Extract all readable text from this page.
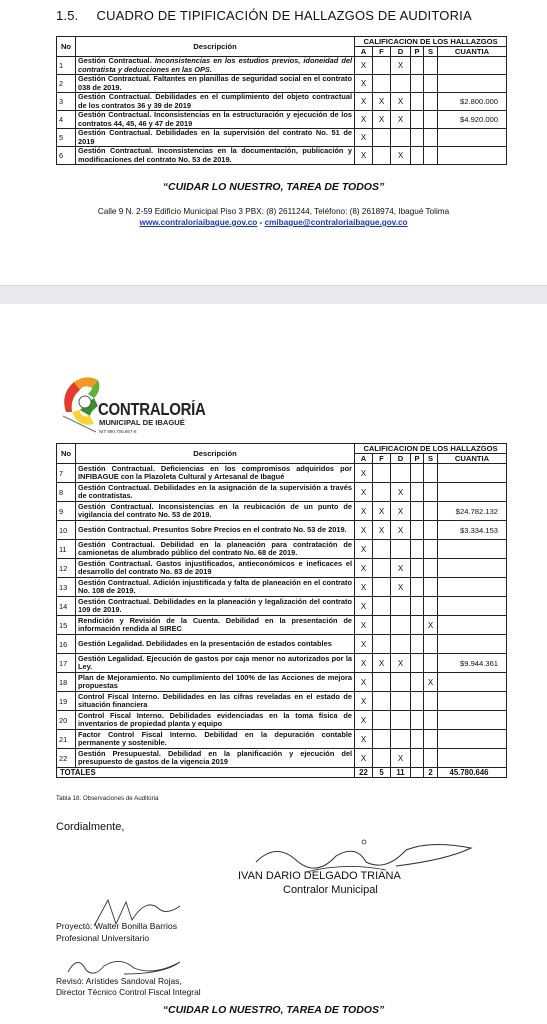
1.5. CUADRO DE TIPIFICACIÓN DE HALLAZGOS DE AUDITORIA
No	Descripción	CALIFICACION DE LOS HALLAZGOS					
		A	F	D	P	S	CUANTIA
1	Gestión Contractual. Inconsistencias en los estudios previos, idoneidad del contratista y deducciones en las OPS.	X		X			
2	Gestión Contractual. Faltantes en planillas de seguridad social en el contrato 038 de 2019.	X					
3	Gestión Contractual. Debilidades en el cumplimiento del objeto contractual de los contratos 36 y 39 de 2019	X	X	X			$2.800.000
4	Gestión Contractual. Inconsistencias en la estructuración y ejecución de los contratos 44, 45, 46 y 47 de 2019	X	X	X			$4.920.000
5	Gestión Contractual. Debilidades en la supervisión del contrato No. 51 de 2019	X					
6	Gestión Contractual. Inconsistencias en la documentación, publicación y modificaciones del contrato No. 53 de 2019.	X		X			
“CUIDAR LO NUESTRO, TAREA DE TODOS”
Calle 9 N. 2-59 Edificio Municipal Piso 3 PBX: (8) 2611244, Teléfono: (8) 2618974, Ibagué Tolima
www.contraloriaibague.gov.co - cmibague@contraloriaibague.gov.co
CONTRALORÍA
MUNICIPAL DE IBAGUÉ
NIT 890.706.867-8
No	Descripción	CALIFICACION DE LOS HALLAZGOS					
		A	F	D	P	S	CUANTIA
7	Gestión Contractual. Deficiencias en los compromisos adquiridos por INFIBAGUE con la Plazoleta Cultural y Artesanal de Ibagué	X					
8	Gestión Contractual. Debilidades en la asignación de la supervisión a través de contratistas.	X		X			
9	Gestión Contractual. Inconsistencias en la reubicación de un punto de vigilancia del contrato No. 53 de 2019.	X	X	X			$24.782.132
10	Gestión Contractual. Presuntos Sobre Precios en el contrato No. 53 de 2019.	X	X	X			$3.334.153
11	Gestión Contractual. Debilidad en la planeación para contratación de camionetas de alumbrado público del contrato No. 68 de 2019.	X					
12	Gestión Contractual. Gastos injustificados, antieconómicos e ineficaces el desarrollo del contrato No. 83 de 2019	X		X			
13	Gestión Contractual. Adición injustificada y falta de planeación en el contrato No. 108 de 2019.	X		X			
14	Gestión Contractual. Debilidades en la planeación y legalización del contrato 109 de 2019.	X					
15	Rendición y Revisión de la Cuenta. Debilidad en la presentación de información rendida al SIREC	X				X	
16	Gestión Legalidad. Debilidades en la presentación de estados contables	X					
17	Gestión Legalidad. Ejecución de gastos por caja menor no autorizados por la Ley.	X	X	X			$9.944.361
18	Plan de Mejoramiento. No cumplimiento del 100% de las Acciones de mejora propuestas	X				X	
19	Control Fiscal Interno. Debilidades en las cifras reveladas en el estado de situación financiera	X					
20	Control Fiscal Interno. Debilidades evidenciadas en la toma física de inventarios de propiedad planta y equipo	X					
21	Factor Control Fiscal Interno. Debilidad en la depuración contable permanente y sostenible.	X					
22	Gestión Presupuestal. Debilidad en la planificación y ejecución del presupuesto de gastos de la vigencia 2019	X		X			
TOTALES		22	5	11		2	45.780.646
Tabla 18. Observaciones de Auditoria
Cordialmente,
IVAN DARIO DELGADO TRIANA
Contralor Municipal
Proyectó: Walter Bonilla Barrios
Profesional Universitario
Revisó: Arístides Sandoval Rojas,
Director Técnico Control Fiscal Integral
“CUIDAR LO NUESTRO, TAREA DE TODOS”
